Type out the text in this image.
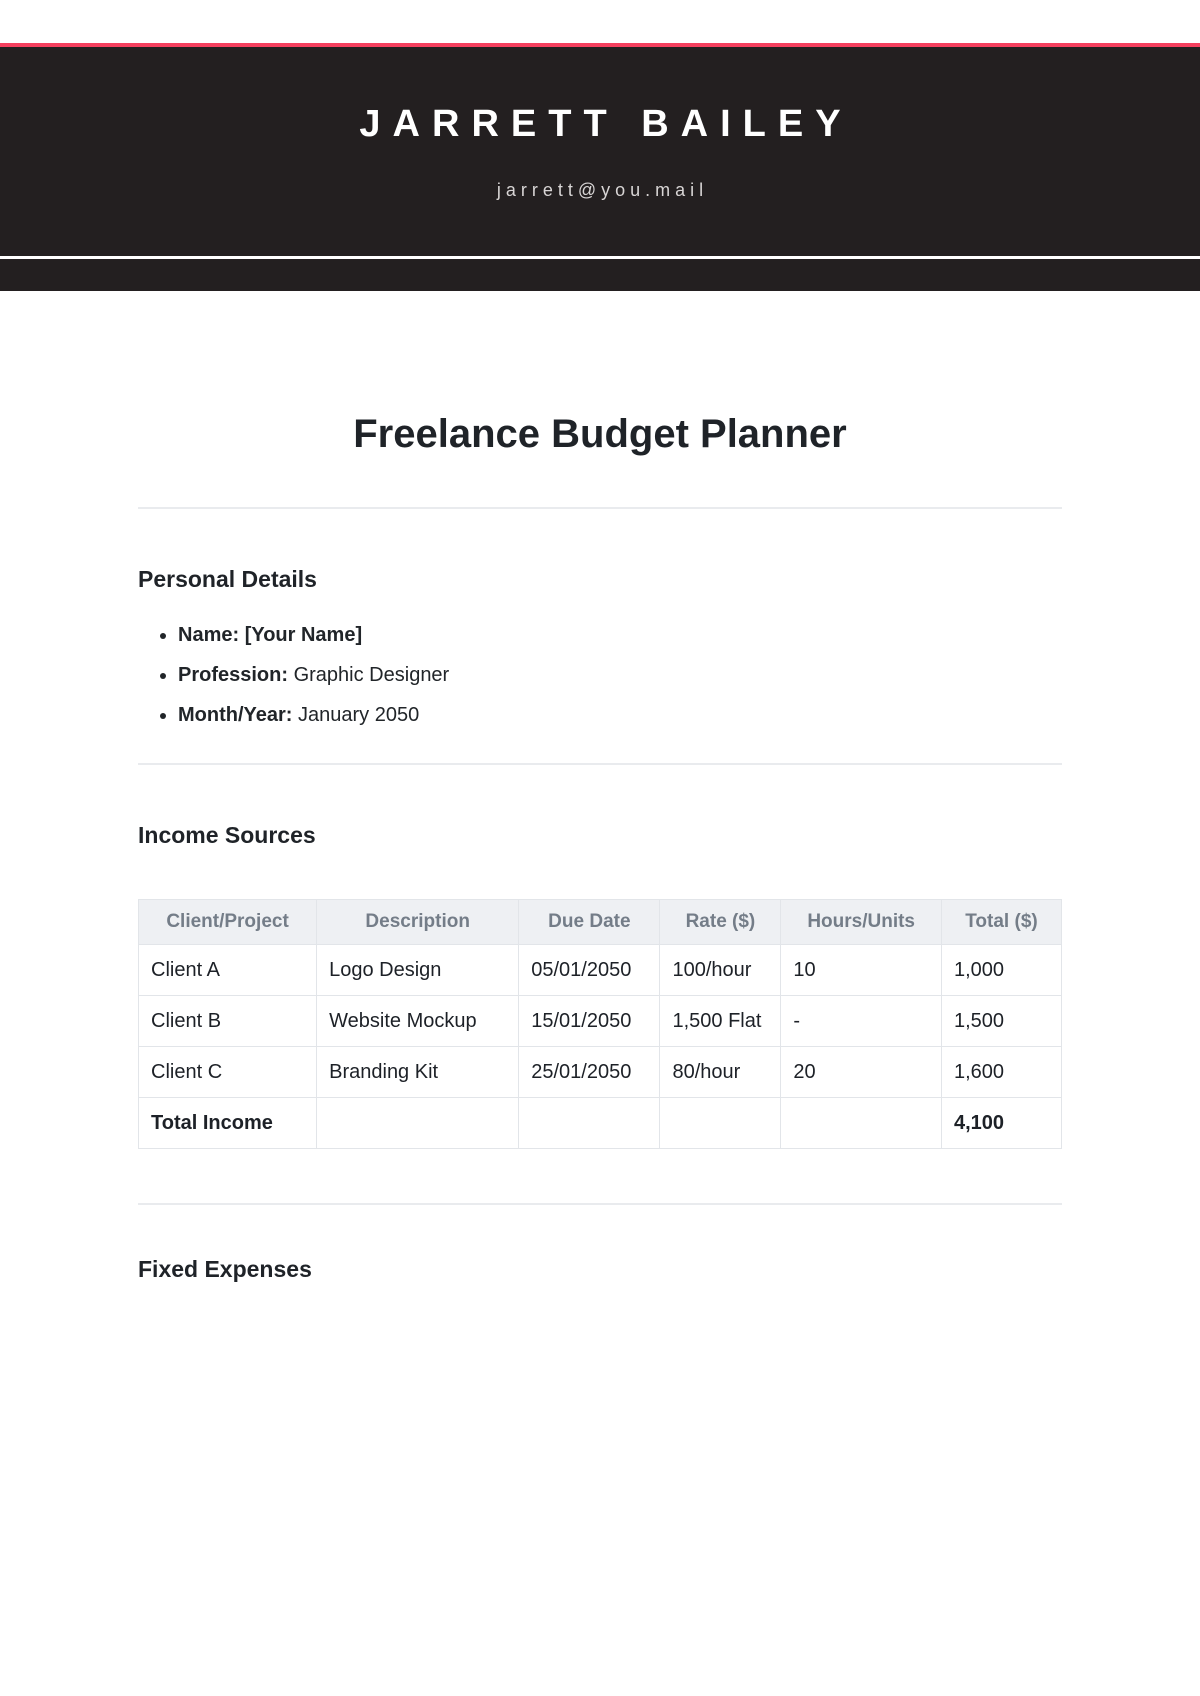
JARRETT BAILEY
jarrett@you.mail
Freelance Budget Planner
Personal Details
• Name: [Your Name]
• Profession: Graphic Designer
• Month/Year: January 2050
Income Sources
Client/Project	Description	Due Date	Rate ($)	Hours/Units	Total ($)
Client A	Logo Design	05/01/2050	100/hour	10	1,000
Client B	Website Mockup	15/01/2050	1,500 Flat	-	1,500
Client C	Branding Kit	25/01/2050	80/hour	20	1,600
Total Income					4,100
Fixed Expenses
